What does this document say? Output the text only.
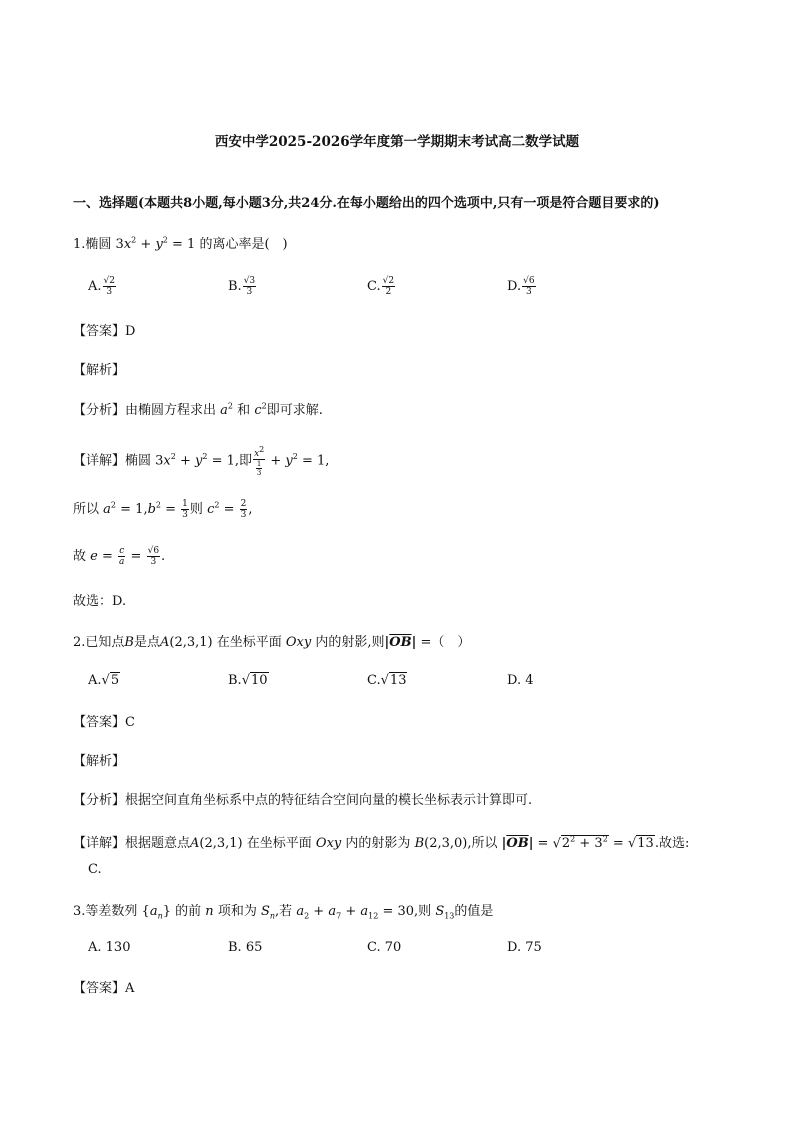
西安中学2025-2026学年度第一学期期末考试高二数学试题
一、选择题(本题共8小题,每小题3分,共24分.在每小题给出的四个选项中,只有一项是符合题目要求的)
1.椭圆 $3x^2 + y^2 = 1$ 的离心率是(　)
A. $\frac{√2}{3}$	B. $\frac{√3}{3}$	C. $\frac{√2}{2}$	D. $\frac{√6}{3}$
【答案】D
【解析】
【分析】由椭圆方程求出 $a^2$ 和 $c^2$即可求解.
【详解】椭圆 $3x^2 + y^2 = 1$,即 $\frac{x^2}{\frac{1}{3}} + y^2 = 1$,
所以 $a^2 = 1,b^2 = \frac{1}{3}$ 则 $c^2 = \frac{2}{3}$ ,
故 $e = \frac{c}{a} = \frac{√6}{3}$ .
故选：D.
2.已知点B是点A(2,3,1) 在坐标平面 Oxy 内的射影,则$|\overline{OB}|$ =（　）
A.√5	B.√10	C.√13	D. 4
【答案】C
【解析】
【分析】根据空间直角坐标系中点的特征结合空间向量的模长坐标表示计算即可.
【详解】根据题意点A(2,3,1) 在坐标平面 Oxy 内的射影为 B(2,3,0),所以 $|\overline{OB}| = √2^2 + 3^2 = √13$.故选:
C.
3.等差数列 $\{a_n\}$ 的前 n 项和为 $S_n$,若 $a_2 + a_7 + a_{12} = 30$,则 $S_{13}$的值是
A. 130	B. 65	C. 70	D. 75
【答案】A
